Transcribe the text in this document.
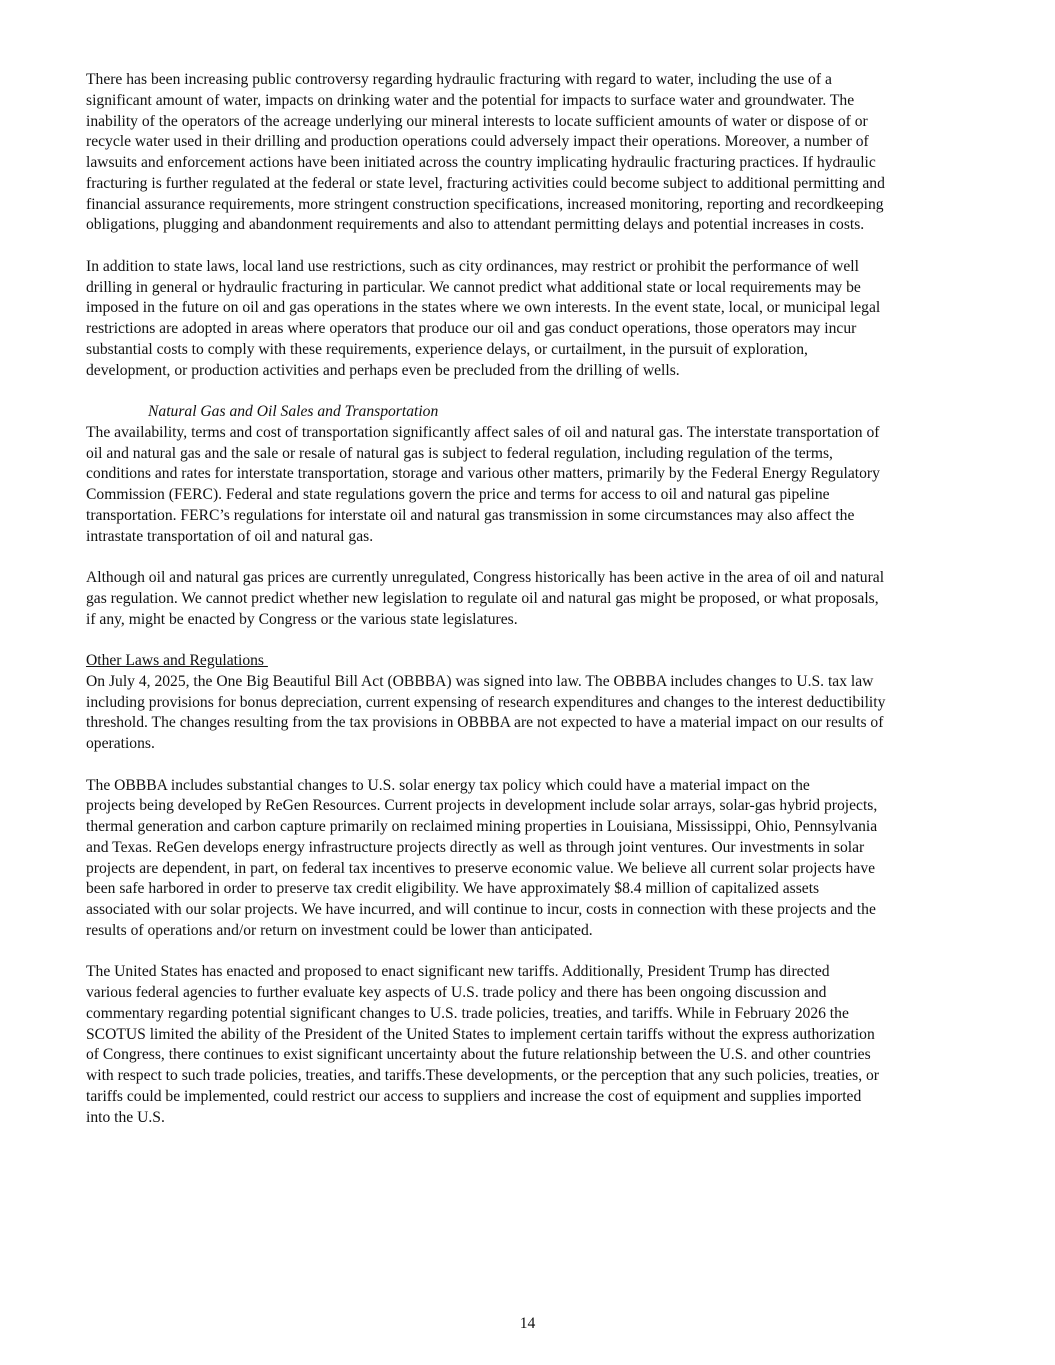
There has been increasing public controversy regarding hydraulic fracturing with regard to water, including the use of a
significant amount of water, impacts on drinking water and the potential for impacts to surface water and groundwater. The
inability of the operators of the acreage underlying our mineral interests to locate sufficient amounts of water or dispose of or
recycle water used in their drilling and production operations could adversely impact their operations. Moreover, a number of
lawsuits and enforcement actions have been initiated across the country implicating hydraulic fracturing practices. If hydraulic
fracturing is further regulated at the federal or state level, fracturing activities could become subject to additional permitting and
financial assurance requirements, more stringent construction specifications, increased monitoring, reporting and recordkeeping
obligations, plugging and abandonment requirements and also to attendant permitting delays and potential increases in costs.

In addition to state laws, local land use restrictions, such as city ordinances, may restrict or prohibit the performance of well
drilling in general or hydraulic fracturing in particular. We cannot predict what additional state or local requirements may be
imposed in the future on oil and gas operations in the states where we own interests. In the event state, local, or municipal legal
restrictions are adopted in areas where operators that produce our oil and gas conduct operations, those operators may incur
substantial costs to comply with these requirements, experience delays, or curtailment, in the pursuit of exploration,
development, or production activities and perhaps even be precluded from the drilling of wells.

Natural Gas and Oil Sales and Transportation

The availability, terms and cost of transportation significantly affect sales of oil and natural gas. The interstate transportation of
oil and natural gas and the sale or resale of natural gas is subject to federal regulation, including regulation of the terms,
conditions and rates for interstate transportation, storage and various other matters, primarily by the Federal Energy Regulatory
Commission (FERC). Federal and state regulations govern the price and terms for access to oil and natural gas pipeline
transportation. FERC’s regulations for interstate oil and natural gas transmission in some circumstances may also affect the
intrastate transportation of oil and natural gas.

Although oil and natural gas prices are currently unregulated, Congress historically has been active in the area of oil and natural
gas regulation. We cannot predict whether new legislation to regulate oil and natural gas might be proposed, or what proposals,
if any, might be enacted by Congress or the various state legislatures.

Other Laws and Regulations

On July 4, 2025, the One Big Beautiful Bill Act (OBBBA) was signed into law. The OBBBA includes changes to U.S. tax law
including provisions for bonus depreciation, current expensing of research expenditures and changes to the interest deductibility
threshold. The changes resulting from the tax provisions in OBBBA are not expected to have a material impact on our results of
operations.

The OBBBA includes substantial changes to U.S. solar energy tax policy which could have a material impact on the
projects being developed by ReGen Resources. Current projects in development include solar arrays, solar-gas hybrid projects,
thermal generation and carbon capture primarily on reclaimed mining properties in Louisiana, Mississippi, Ohio, Pennsylvania
and Texas. ReGen develops energy infrastructure projects directly as well as through joint ventures. Our investments in solar
projects are dependent, in part, on federal tax incentives to preserve economic value. We believe all current solar projects have
been safe harbored in order to preserve tax credit eligibility. We have approximately $8.4 million of capitalized assets
associated with our solar projects. We have incurred, and will continue to incur, costs in connection with these projects and the
results of operations and/or return on investment could be lower than anticipated.

The United States has enacted and proposed to enact significant new tariffs. Additionally, President Trump has directed
various federal agencies to further evaluate key aspects of U.S. trade policy and there has been ongoing discussion and
commentary regarding potential significant changes to U.S. trade policies, treaties, and tariffs. While in February 2026 the
SCOTUS limited the ability of the President of the United States to implement certain tariffs without the express authorization
of Congress, there continues to exist significant uncertainty about the future relationship between the U.S. and other countries
with respect to such trade policies, treaties, and tariffs.These developments, or the perception that any such policies, treaties, or
tariffs could be implemented, could restrict our access to suppliers and increase the cost of equipment and supplies imported
into the U.S.

14
